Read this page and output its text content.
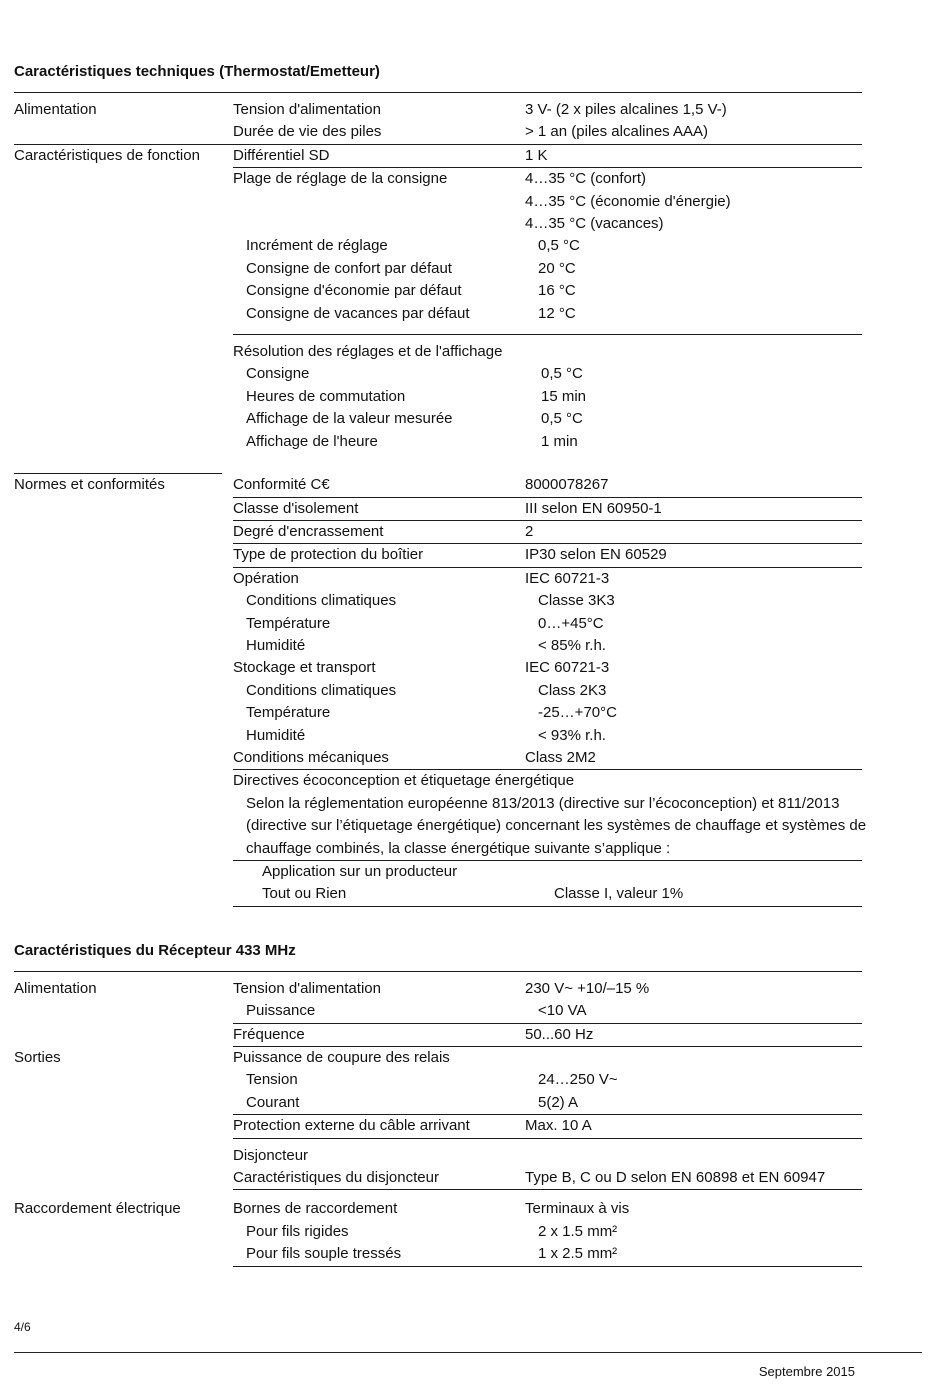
Caractéristiques techniques (Thermostat/Emetteur)
Alimentation	Tension d'alimentation	3 V- (2 x piles alcalines 1,5 V-)
Durée de vie des piles	> 1 an (piles alcalines AAA)
Caractéristiques de fonction	Différentiel SD	1 K
Plage de réglage de la consigne	4…35 °C (confort)
4…35 °C (économie d'énergie)
4…35 °C (vacances)
Incrément de réglage	0,5 °C
Consigne de confort par défaut	20 °C
Consigne d'économie par défaut	16 °C
Consigne de vacances par défaut	12 °C
Résolution des réglages et de l'affichage
Consigne	0,5 °C
Heures de commutation	15 min
Affichage de la valeur mesurée	0,5 °C
Affichage de l'heure	1 min
Normes et conformités	Conformité C€	8000078267
Classe d'isolement	III selon EN 60950-1
Degré d'encrassement	2
Type de protection du boîtier	IP30 selon EN 60529
Opération	IEC 60721-3
Conditions climatiques	Classe 3K3
Température	0…+45°C
Humidité	< 85% r.h.
Stockage et transport	IEC 60721-3
Conditions climatiques	Class 2K3
Température	-25…+70°C
Humidité	< 93% r.h.
Conditions mécaniques	Class 2M2
Directives écoconception et étiquetage énergétique
Selon la réglementation européenne 813/2013 (directive sur l’écoconception) et 811/2013 (directive sur l’étiquetage énergétique) concernant les systèmes de chauffage et systèmes de chauffage combinés, la classe énergétique suivante s’applique :
Application sur un producteur
Tout ou Rien	Classe I, valeur 1%
Caractéristiques du Récepteur 433 MHz
Alimentation	Tension d'alimentation	230 V~ +10/–15 %
Puissance	<10 VA
Fréquence	50...60 Hz
Sorties	Puissance de coupure des relais
Tension	24…250 V~
Courant	5(2) A
Protection externe du câble arrivant	Max. 10 A
Disjoncteur
Caractéristiques du disjoncteur	Type B, C ou D selon EN 60898 et EN 60947
Raccordement électrique	Bornes de raccordement	Terminaux à vis
Pour fils rigides	2 x 1.5 mm²
Pour fils souple tressés	1 x 2.5 mm²
4/6
Septembre 2015
